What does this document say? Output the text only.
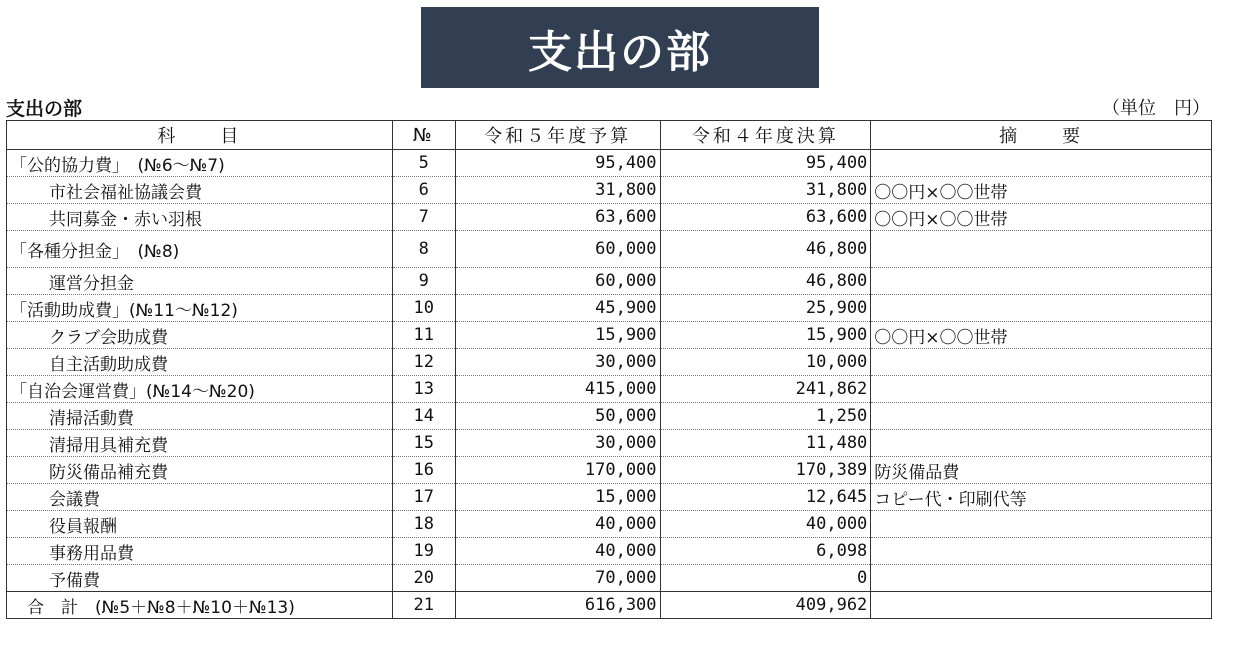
支出の部
支出の部	（単位　円）
科　　目	№	令和５年度予算	令和４年度決算	摘　　要
「公的協力費」　(№6～№7)	5	95,400	95,400	
市社会福祉協議会費	6	31,800	31,800	〇〇円×〇〇世帯
共同募金・赤い羽根	7	63,600	63,600	〇〇円×〇〇世帯
「各種分担金」　(№8)	8	60,000	46,800	
運営分担金	9	60,000	46,800	
「活動助成費」(№11～№12)	10	45,900	25,900	
クラブ会助成費	11	15,900	15,900	〇〇円×〇〇世帯
自主活動助成費	12	30,000	10,000	
「自治会運営費」(№14～№20)	13	415,000	241,862	
清掃活動費	14	50,000	1,250	
清掃用具補充費	15	30,000	11,480	
防災備品補充費	16	170,000	170,389	防災備品費
会議費	17	15,000	12,645	コピー代・印刷代等
役員報酬	18	40,000	40,000	
事務用品費	19	40,000	6,098	
予備費	20	70,000	0	
合　計　(№5＋№8＋№10＋№13)	21	616,300	409,962	
